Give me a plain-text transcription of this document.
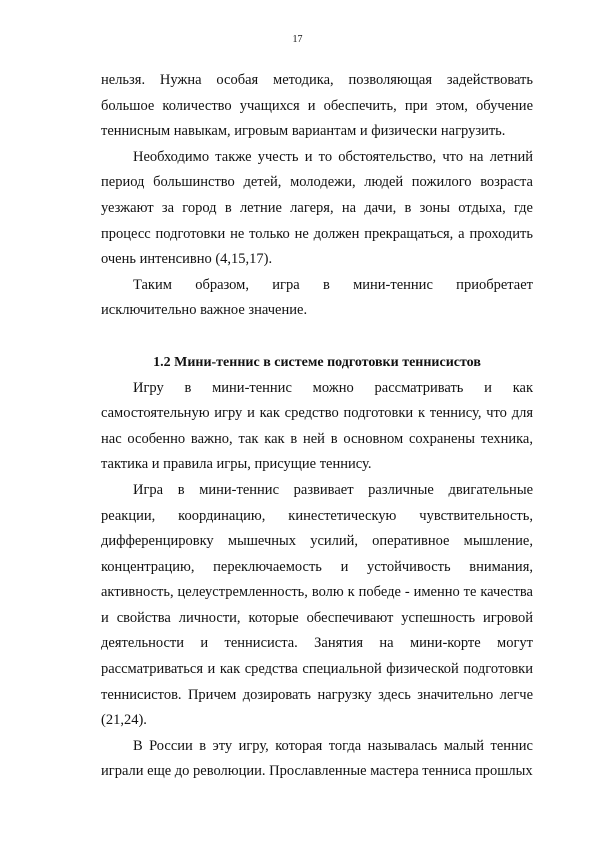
17

нельзя. Нужна особая методика, позволяющая задействовать большое количество учащихся и обеспечить, при этом, обучение теннисным навыкам, игровым вариантам и физически нагрузить.

Необходимо также учесть и то обстоятельство, что на летний период большинство детей, молодежи, людей пожилого возраста уезжают за город в летние лагеря, на дачи, в зоны отдыха, где процесс подготовки не только не должен прекращаться, а проходить очень интенсивно (4,15,17).

Таким образом, игра в мини-теннис приобретает исключительно важное значение.

1.2 Мини-теннис в системе подготовки теннисистов

Игру в мини-теннис можно рассматривать и как самостоятельную игру и как средство подготовки к теннису, что для нас особенно важно, так как в ней в основном сохранены техника, тактика и правила игры, присущие теннису.

Игра в мини-теннис развивает различные двигательные реакции, координацию, кинестетическую чувствительность, дифференцировку мышечных усилий, оперативное мышление, концентрацию, переключаемость и устойчивость внимания, активность, целеустремленность, волю к победе - именно те качества и свойства личности, которые обеспечивают успешность игровой деятельности и теннисиста. Занятия на мини-корте могут рассматриваться и как средства специальной физической подготовки теннисистов. Причем дозировать нагрузку здесь значительно легче (21,24).

В России в эту игру, которая тогда называлась малый теннис играли еще до революции. Прославленные мастера тенниса прошлых
